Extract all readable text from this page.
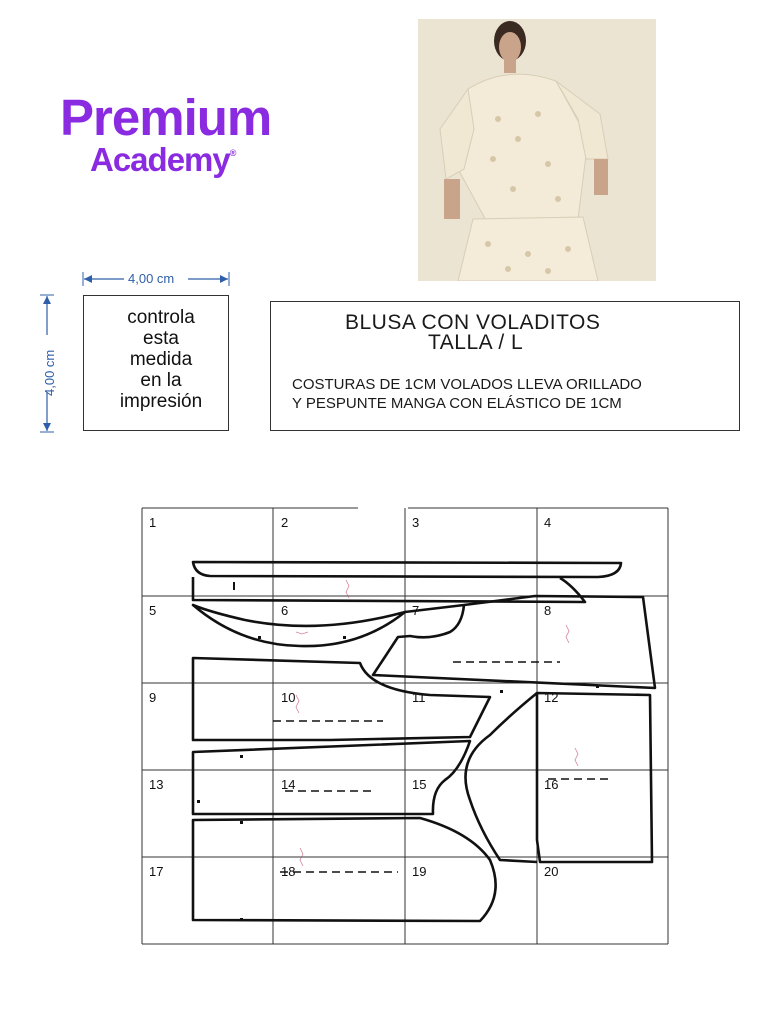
Premium
Academy®
4,00 cm
4,00 cm
controla
esta
medida
en la
impresión
BLUSA CON VOLADITOS
TALLA / L
COSTURAS DE 1CM VOLADOS LLEVA ORILLADO
Y PESPUNTE MANGA CON ELÁSTICO DE 1CM
1	2	3	4
5	6	7	8
9	10	11	12
13	14	15	16
17	18	19	20
